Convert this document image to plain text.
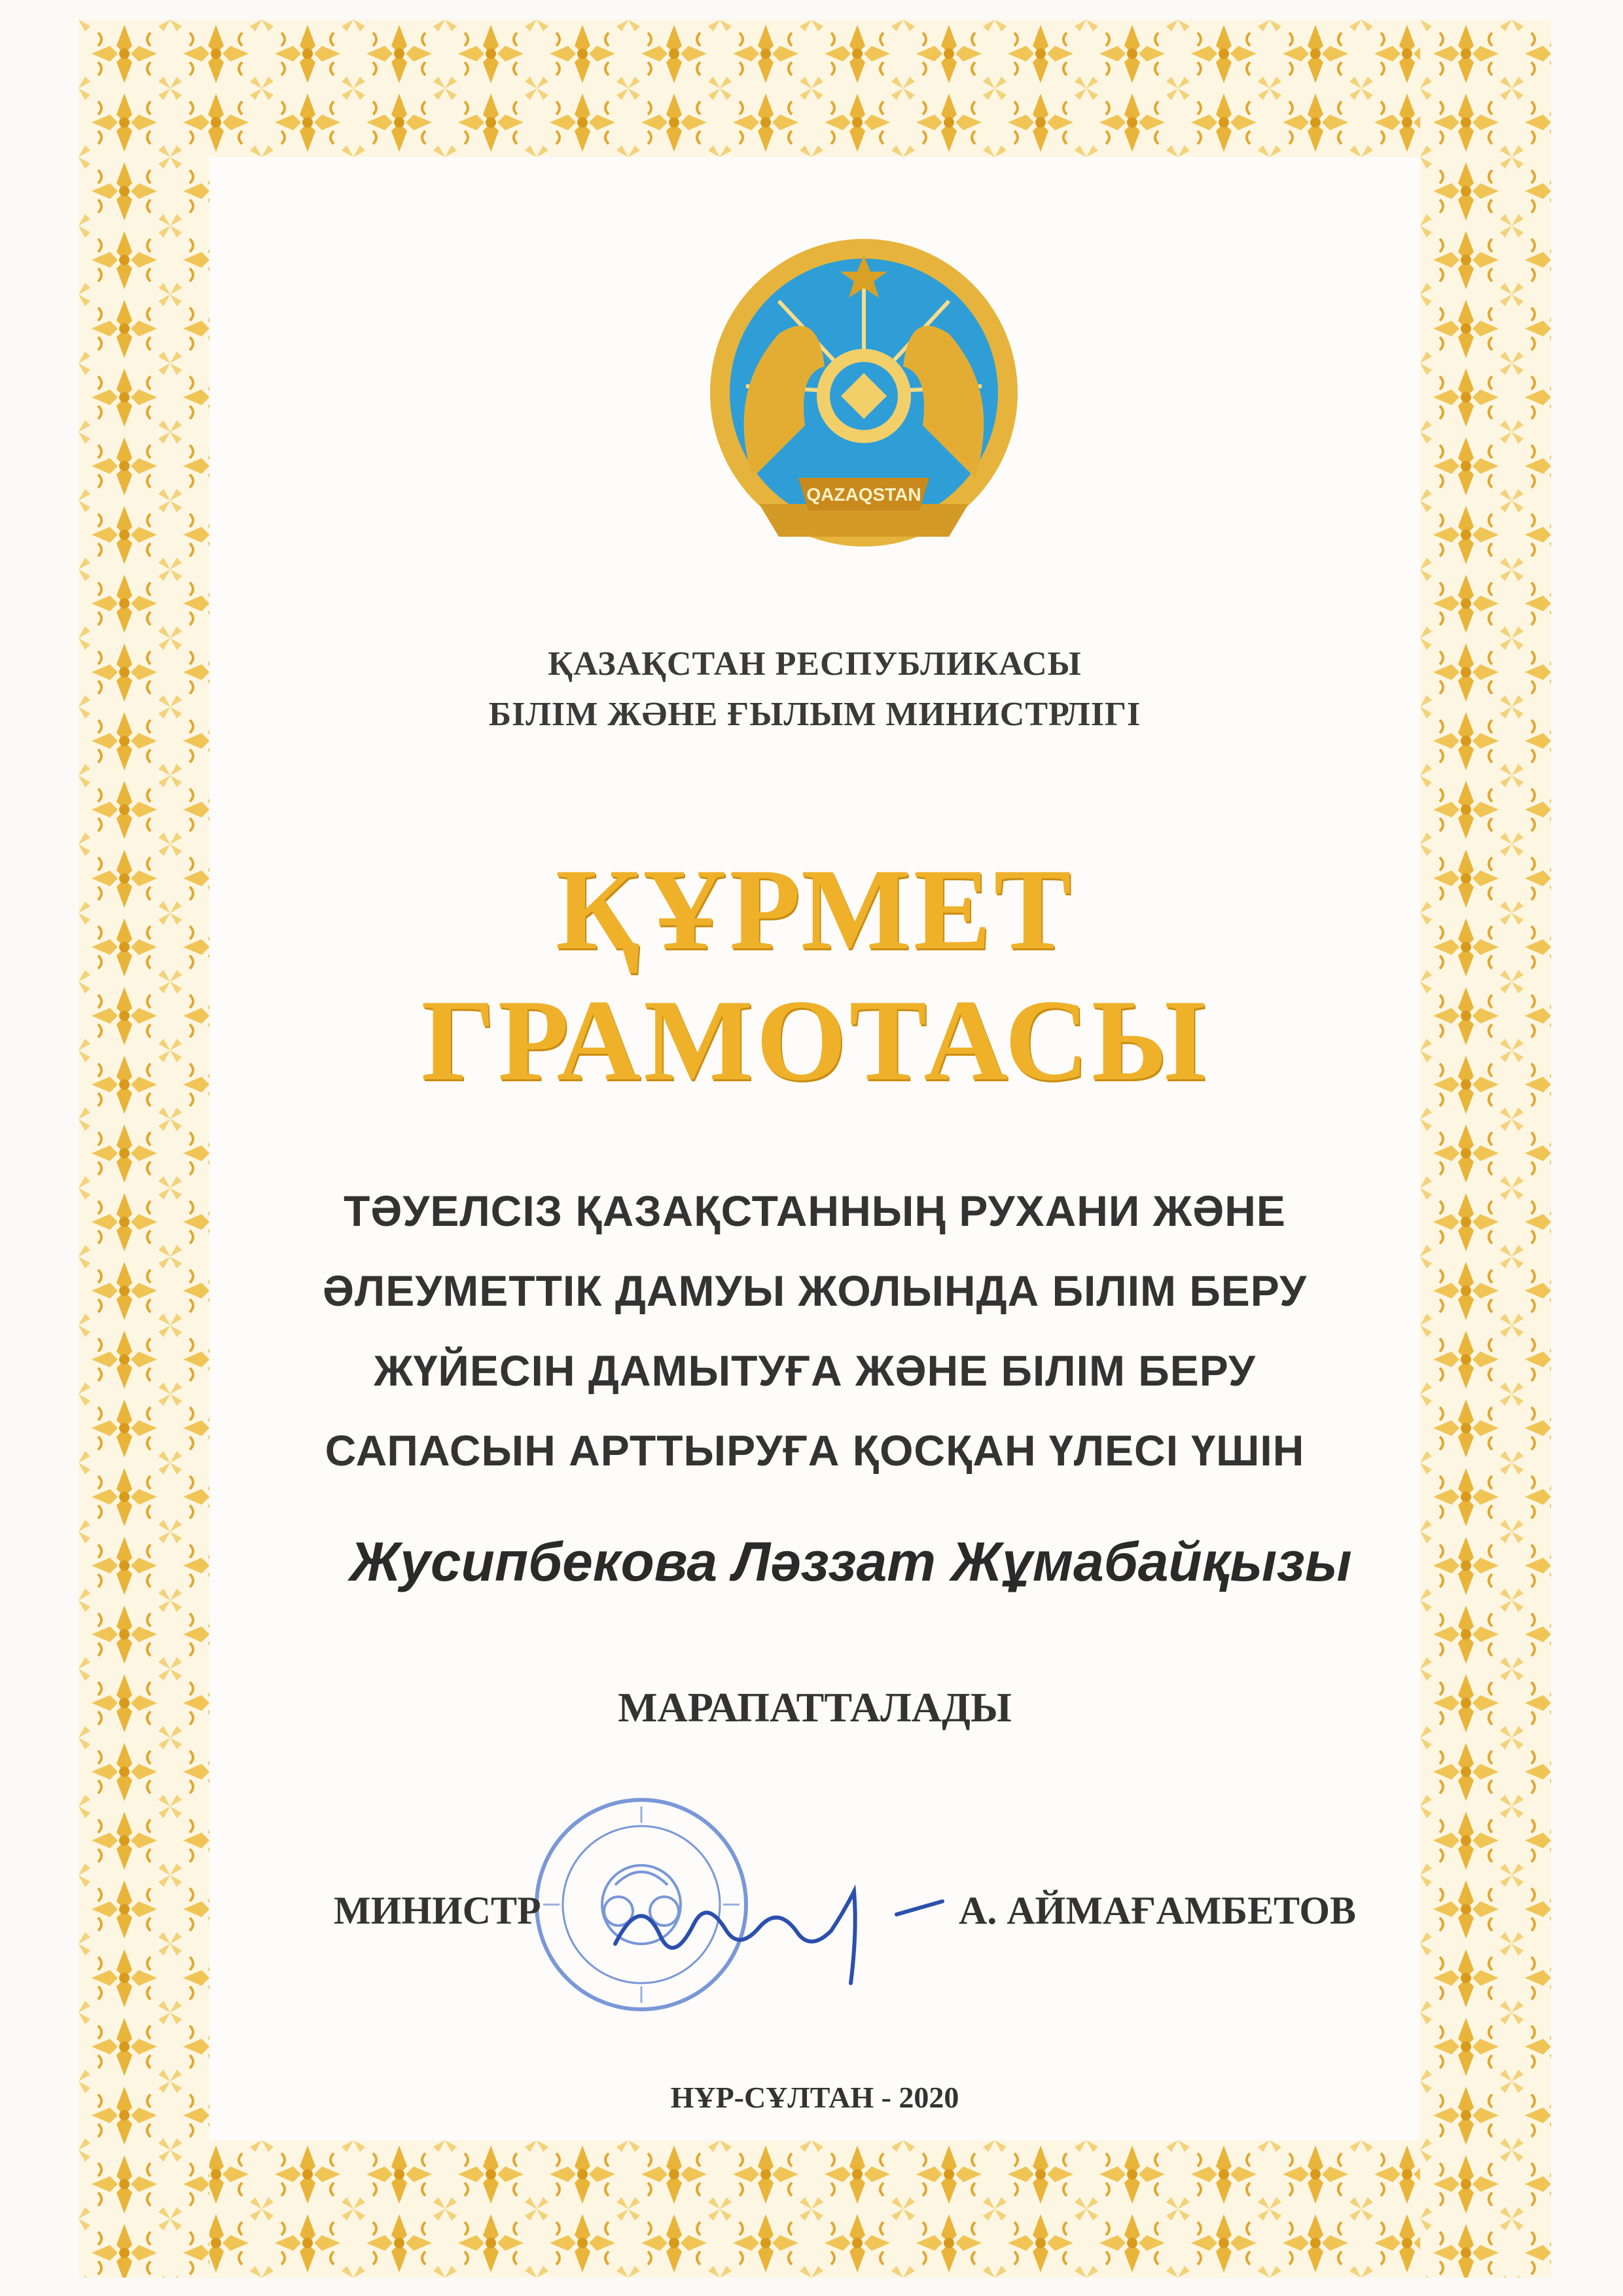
QAZAQSTAN
ҚАЗАҚСТАН РЕСПУБЛИКАСЫ
БІЛІМ ЖӘНЕ ҒЫЛЫМ МИНИСТРЛІГІ
ҚҰРМЕТ
ГРАМОТАСЫ
ТӘУЕЛСІЗ ҚАЗАҚСТАННЫҢ РУХАНИ ЖӘНЕ
ӘЛЕУМЕТТІК ДАМУЫ ЖОЛЫНДА БІЛІМ БЕРУ
ЖҮЙЕСІН ДАМЫТУҒА ЖӘНЕ БІЛІМ БЕРУ
САПАСЫН АРТТЫРУҒА ҚОСҚАН ҮЛЕСІ ҮШІН
Жусипбекова Ләззат Жұмабайқызы
МАРАПАТТАЛАДЫ
МИНИСТР	А. АЙМАҒАМБЕТОВ
НҰР-СҰЛТАН - 2020
